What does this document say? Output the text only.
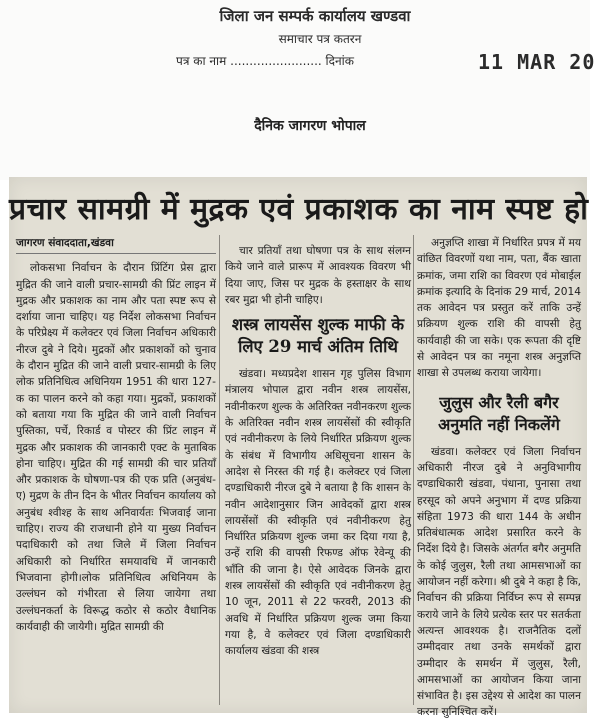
जिला जन सम्पर्क कार्यालय खण्डवा
समाचार पत्र कतरन
पत्र का नाम ........................ दिनांक	11 MAR 20
दैनिक जागरण भोपाल
प्रचार सामग्री में मुद्रक एवं प्रकाशक का नाम स्पष्ट हो
जागरण संवाददाता,खंडवा

लोकसभा निर्वाचन के दौरान प्रिंटिंग प्रेस द्वारा मुद्रित की जाने वाली प्रचार-सामग्री की प्रिंट लाइन में मुद्रक और प्रकाशक का नाम और पता स्पष्ट रूप से दर्शाया जाना चाहिए। यह निर्देश लोकसभा निर्वाचन के परिप्रेक्ष्य में कलेक्टर एवं जिला निर्वाचन अधिकारी नीरज दुबे ने दिये। मुद्रकों और प्रकाशकों को चुनाव के दौरान मुद्रित की जाने वाली प्रचार-सामग्री के लिए लोक प्रतिनिधित्व अधिनियम 1951 की धारा 127-क का पालन करने को कहा गया। मुद्रकों, प्रकाशकों को बताया गया कि मुद्रित की जाने वाली निर्वाचन पुस्तिका, पर्चे, रिकार्ड व पोस्टर की प्रिंट लाइन में मुद्रक और प्रकाशक की जानकारी एक्ट के मुताबिक होना चाहिए। मुद्रित की गई सामग्री की चार प्रतियाँ और प्रकाशक के घोषणा-पत्र की एक प्रति (अनुबंध-ए) मुद्रण के तीन दिन के भीतर निर्वाचन कार्यालय को अनुबंध श्वीश्ह के साथ अनिवार्यतः भिजवाई जाना चाहिए। राज्य की राजधानी होने या मुख्य निर्वाचन पदाधिकारी को तथा जिले में जिला निर्वाचन अधिकारी को निर्धारित समयावधि में जानकारी भिजवाना होगी।लोक प्रतिनिधित्व अधिनियम के उल्लंघन को गंभीरता से लिया जायेगा तथा उल्लंघनकर्ता के विरूद्ध कठोर से कठोर वैधानिक कार्यवाही की जायेगी। मुद्रित सामग्री की

चार प्रतियाँ तथा घोषणा पत्र के साथ संलग्न किये जाने वाले प्रारूप में आवश्यक विवरण भी दिया जाए, जिस पर मुद्रक के हस्ताक्षर के साथ रबर मुद्रा भी होनी चाहिए।

शस्त्र लायसेंस शुल्क माफी के लिए 29 मार्च अंतिम तिथि

खंडवा। मध्यप्रदेश शासन गृह पुलिस विभाग मंत्रालय भोपाल द्वारा नवीन शस्त्र लायसेंस, नवीनीकरण शुल्क के अतिरिक्त नवीनकरण शुल्क के अतिरिक्त नवीन शस्त्र लायसेंसों की स्वीकृति एवं नवीनीकरण के लिये निर्धारित प्रक्रियण शुल्क के संबंध में विभागीय अधिसूचना शासन के आदेश से निरस्त की गई है। कलेक्टर एवं जिला दण्डाधिकारी नीरज दुबे ने बताया है कि शासन के नवीन आदेशानुसार जिन आवेदकों द्वारा शस्त्र लायसेंसों की स्वीकृति एवं नवीनीकरण हेतु निर्धारित प्रक्रियण शुल्क जमा कर दिया गया है, उन्हें राशि की वापसी रिफण्ड ऑफ रेवेन्यू की भाँति की जाना है। ऐसे आवेदक जिनके द्वारा शस्त्र लायसेंसों की स्वीकृति एवं नवीनीकरण हेतु 10 जून, 2011 से 22 फरवरी, 2013 की अवधि में निर्धारित प्रक्रियण शुल्क जमा किया गया है, वे कलेक्टर एवं जिला दण्डाधिकारी कार्यालय खंडवा की शस्त्र

अनुज्ञप्ति शाखा में निर्धारित प्रपत्र में मय वांछित विवरणों यथा नाम, पता, बैंक खाता क्रमांक, जमा राशि का विवरण एवं मोबाईल क्रमांक इत्यादि के दिनांक 29 मार्च, 2014 तक आवेदन पत्र प्रस्तुत करें ताकि उन्हें प्रक्रियण शुल्क राशि की वापसी हेतु कार्यवाही की जा सके। एक रूपता की दृष्टि से आवेदन पत्र का नमूना शस्त्र अनुज्ञप्ति शाखा से उपलब्ध कराया जायेगा।

जुलुस और रैली बगैर अनुमति नहीं निकलेंगे

खंडवा। कलेक्टर एवं जिला निर्वाचन अधिकारी नीरज दुबे ने अनुविभागीय दण्डाधिकारी खंडवा, पंधाना, पुनासा तथा हरसूद को अपने अनुभाग में दण्ड प्रक्रिया संहिता 1973 की धारा 144 के अधीन प्रतिबंधात्मक आदेश प्रसारित करने के निर्देश दिये है। जिसके अंतर्गत बगैर अनुमति के कोई जुलुस, रैली तथा आमसभाओं का आयोजन नहीं करेगा। श्री दुबे ने कहा है कि, निर्वाचन की प्रक्रिया निर्विघ्न रूप से सम्पन्न कराये जाने के लिये प्रत्येक स्तर पर सतर्कता अत्यन्त आवश्यक है। राजनैतिक दलों उम्मीदवार तथा उनके समर्थकों द्वारा उम्मीदार के समर्थन में जुलुस, रैली, आमसभाओं का आयोजन किया जाना संभावित है। इस उद्देश्य से आदेश का पालन करना सुनिश्चित करें।
